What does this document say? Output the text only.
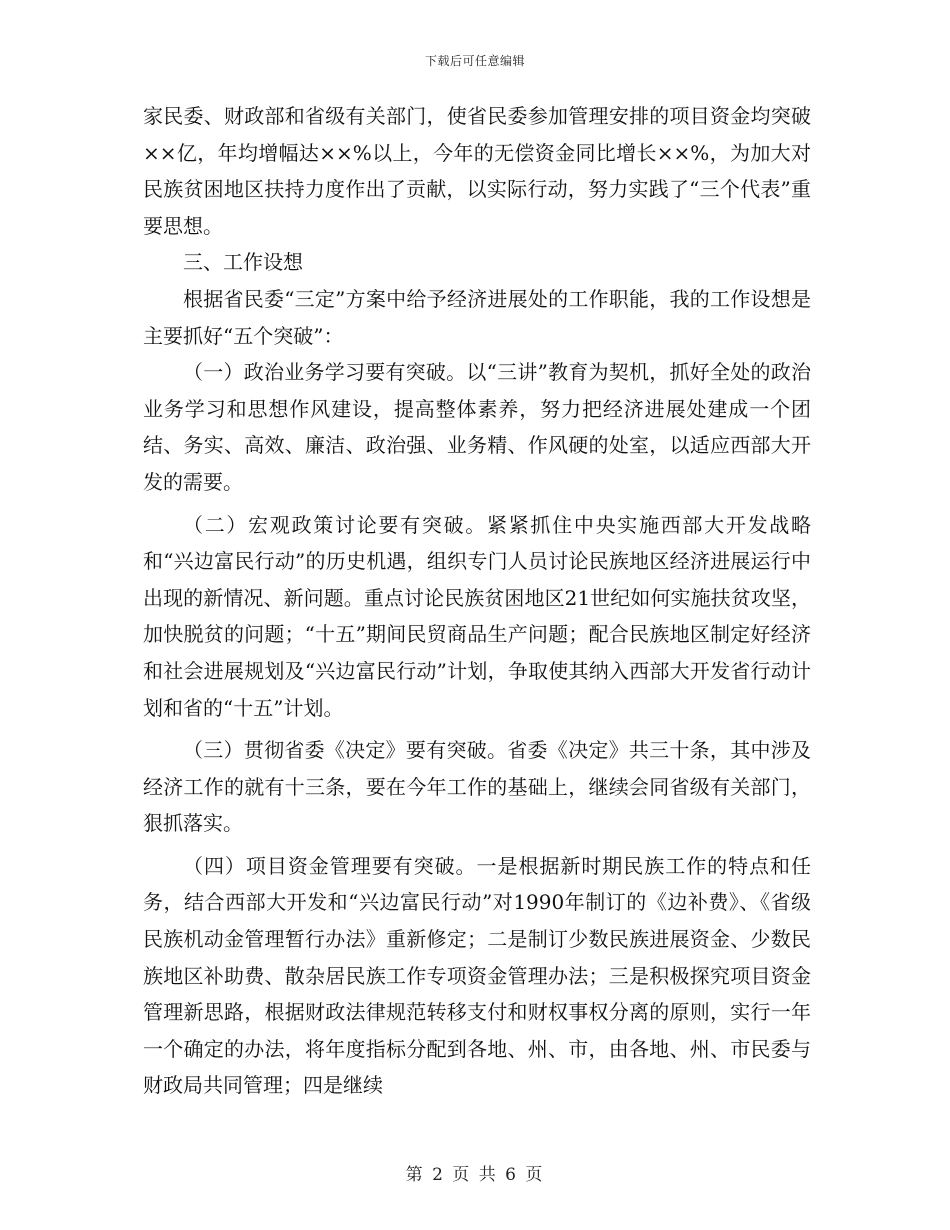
下载后可任意编辑

家民委、财政部和省级有关部门，使省民委参加管理安排的项目资金均突破××亿，年均增幅达××%以上，今年的无偿资金同比增长××%，为加大对民族贫困地区扶持力度作出了贡献，以实际行动，努力实践了“三个代表”重要思想。

三、工作设想

根据省民委“三定”方案中给予经济进展处的工作职能，我的工作设想是主要抓好“五个突破”：

（一）政治业务学习要有突破。以“三讲”教育为契机，抓好全处的政治业务学习和思想作风建设，提高整体素养，努力把经济进展处建成一个团结、务实、高效、廉洁、政治强、业务精、作风硬的处室，以适应西部大开发的需要。

（二）宏观政策讨论要有突破。紧紧抓住中央实施西部大开发战略和“兴边富民行动”的历史机遇，组织专门人员讨论民族地区经济进展运行中出现的新情况、新问题。重点讨论民族贫困地区21世纪如何实施扶贫攻坚，加快脱贫的问题；“十五”期间民贸商品生产问题；配合民族地区制定好经济和社会进展规划及“兴边富民行动”计划，争取使其纳入西部大开发省行动计划和省的“十五”计划。

（三）贯彻省委《决定》要有突破。省委《决定》共三十条，其中涉及经济工作的就有十三条，要在今年工作的基础上，继续会同省级有关部门，狠抓落实。

（四）项目资金管理要有突破。一是根据新时期民族工作的特点和任务，结合西部大开发和“兴边富民行动”对1990年制订的《边补费》、《省级民族机动金管理暂行办法》重新修定；二是制订少数民族进展资金、少数民族地区补助费、散杂居民族工作专项资金管理办法；三是积极探究项目资金管理新思路，根据财政法律规范转移支付和财权事权分离的原则，实行一年一个确定的办法，将年度指标分配到各地、州、市，由各地、州、市民委与财政局共同管理；四是继续

第 2 页 共 6 页
